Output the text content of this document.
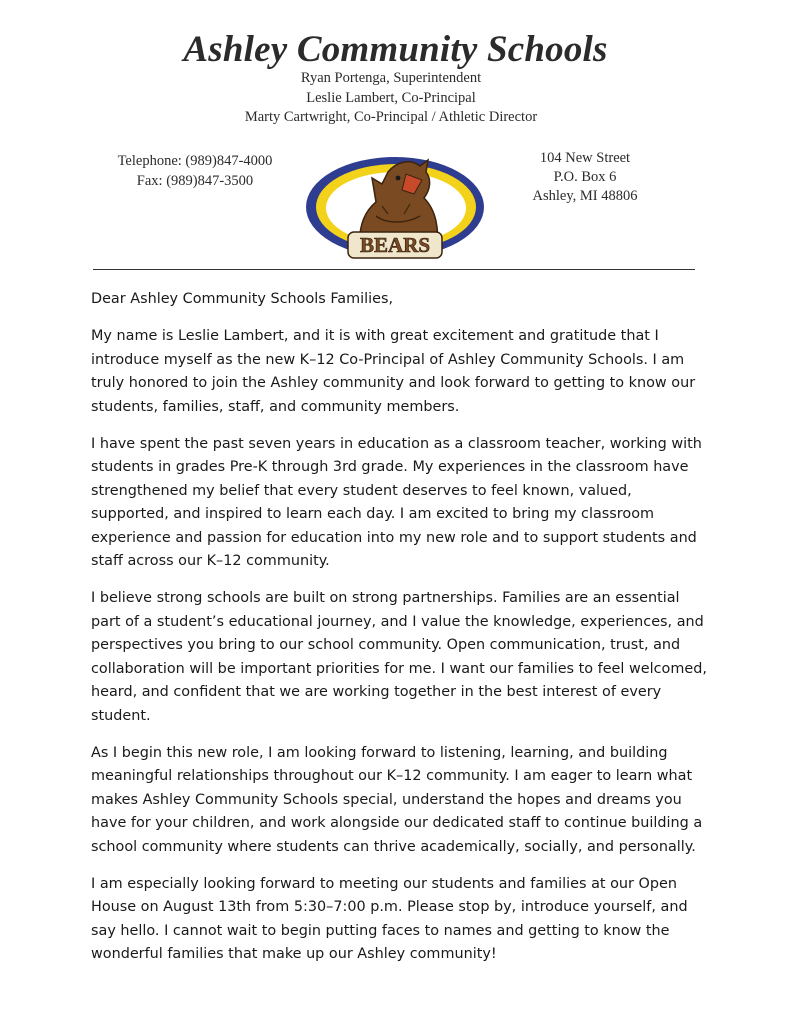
Ashley Community Schools
Ryan Portenga, Superintendent
Leslie Lambert, Co-Principal
Marty Cartwright, Co-Principal / Athletic Director
Telephone: (989)847-4000
Fax: (989)847-3500
104 New Street
P.O. Box 6
Ashley, MI 48806
BEARS

Dear Ashley Community Schools Families,

My name is Leslie Lambert, and it is with great excitement and gratitude that I introduce myself as the new K–12 Co-Principal of Ashley Community Schools. I am truly honored to join the Ashley community and look forward to getting to know our students, families, staff, and community members.

I have spent the past seven years in education as a classroom teacher, working with students in grades Pre-K through 3rd grade. My experiences in the classroom have strengthened my belief that every student deserves to feel known, valued, supported, and inspired to learn each day. I am excited to bring my classroom experience and passion for education into my new role and to support students and staff across our K–12 community.

I believe strong schools are built on strong partnerships. Families are an essential part of a student’s educational journey, and I value the knowledge, experiences, and perspectives you bring to our school community. Open communication, trust, and collaboration will be important priorities for me. I want our families to feel welcomed, heard, and confident that we are working together in the best interest of every student.

As I begin this new role, I am looking forward to listening, learning, and building meaningful relationships throughout our K–12 community. I am eager to learn what makes Ashley Community Schools special, understand the hopes and dreams you have for your children, and work alongside our dedicated staff to continue building a school community where students can thrive academically, socially, and personally.

I am especially looking forward to meeting our students and families at our Open House on August 13th from 5:30–7:00 p.m. Please stop by, introduce yourself, and say hello. I cannot wait to begin putting faces to names and getting to know the wonderful families that make up our Ashley community!
